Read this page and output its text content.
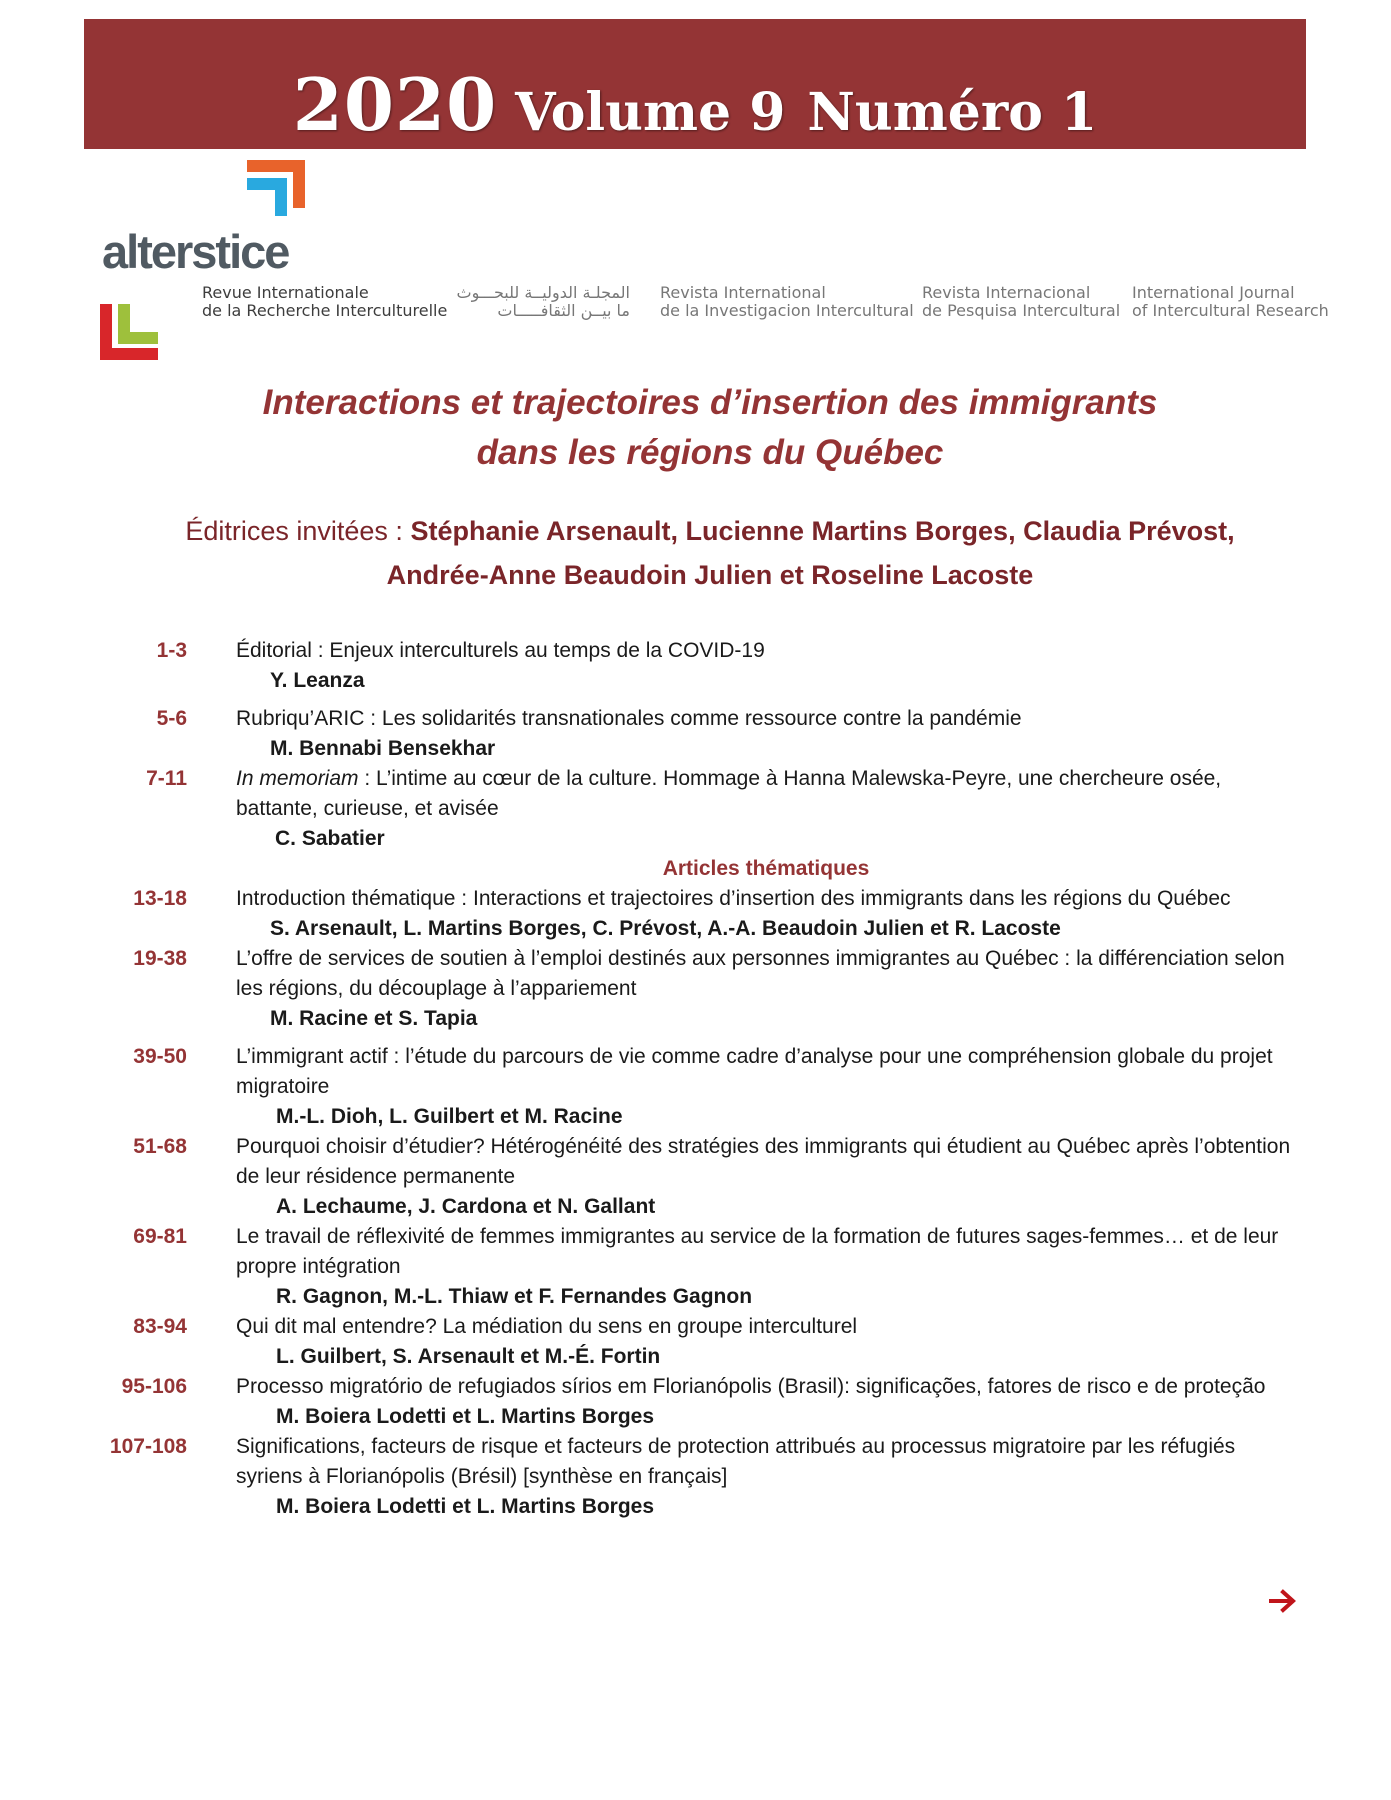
2020 Volume 9 Numéro 1
alterstice
Revue Internationale
de la Recherche Interculturelle
المجلـة الدوليــة للبحـــوث
ما بيــن الثقافـــــات
Revista International
de la Investigacion Intercultural
Revista Internacional
de Pesquisa Intercultural
International Journal
of Intercultural Research
Interactions et trajectoires d’insertion des immigrants
dans les régions du Québec
Éditrices invitées : Stéphanie Arsenault, Lucienne Martins Borges, Claudia Prévost,
Andrée-Anne Beaudoin Julien et Roseline Lacoste
1-3 Éditorial : Enjeux interculturels au temps de la COVID-19
Y. Leanza
5-6 Rubriqu’ARIC : Les solidarités transnationales comme ressource contre la pandémie
M. Bennabi Bensekhar
7-11 In memoriam : L’intime au cœur de la culture. Hommage à Hanna Malewska-Peyre, une chercheure osée, battante, curieuse, et avisée
C. Sabatier
Articles thématiques
13-18 Introduction thématique : Interactions et trajectoires d’insertion des immigrants dans les régions du Québec
S. Arsenault, L. Martins Borges, C. Prévost, A.-A. Beaudoin Julien et R. Lacoste
19-38 L’offre de services de soutien à l’emploi destinés aux personnes immigrantes au Québec : la différenciation selon les régions, du découplage à l’appariement
M. Racine et S. Tapia
39-50 L’immigrant actif : l’étude du parcours de vie comme cadre d’analyse pour une compréhension globale du projet migratoire
M.-L. Dioh, L. Guilbert et M. Racine
51-68 Pourquoi choisir d’étudier? Hétérogénéité des stratégies des immigrants qui étudient au Québec après l’obtention de leur résidence permanente
A. Lechaume, J. Cardona et N. Gallant
69-81 Le travail de réflexivité de femmes immigrantes au service de la formation de futures sages-femmes… et de leur propre intégration
R. Gagnon, M.-L. Thiaw et F. Fernandes Gagnon
83-94 Qui dit mal entendre? La médiation du sens en groupe interculturel
L. Guilbert, S. Arsenault et M.-É. Fortin
95-106 Processo migratório de refugiados sírios em Florianópolis (Brasil): significações, fatores de risco e de proteção
M. Boiera Lodetti et L. Martins Borges
107-108 Significations, facteurs de risque et facteurs de protection attribués au processus migratoire par les réfugiés syriens à Florianópolis (Brésil) [synthèse en français]
M. Boiera Lodetti et L. Martins Borges
